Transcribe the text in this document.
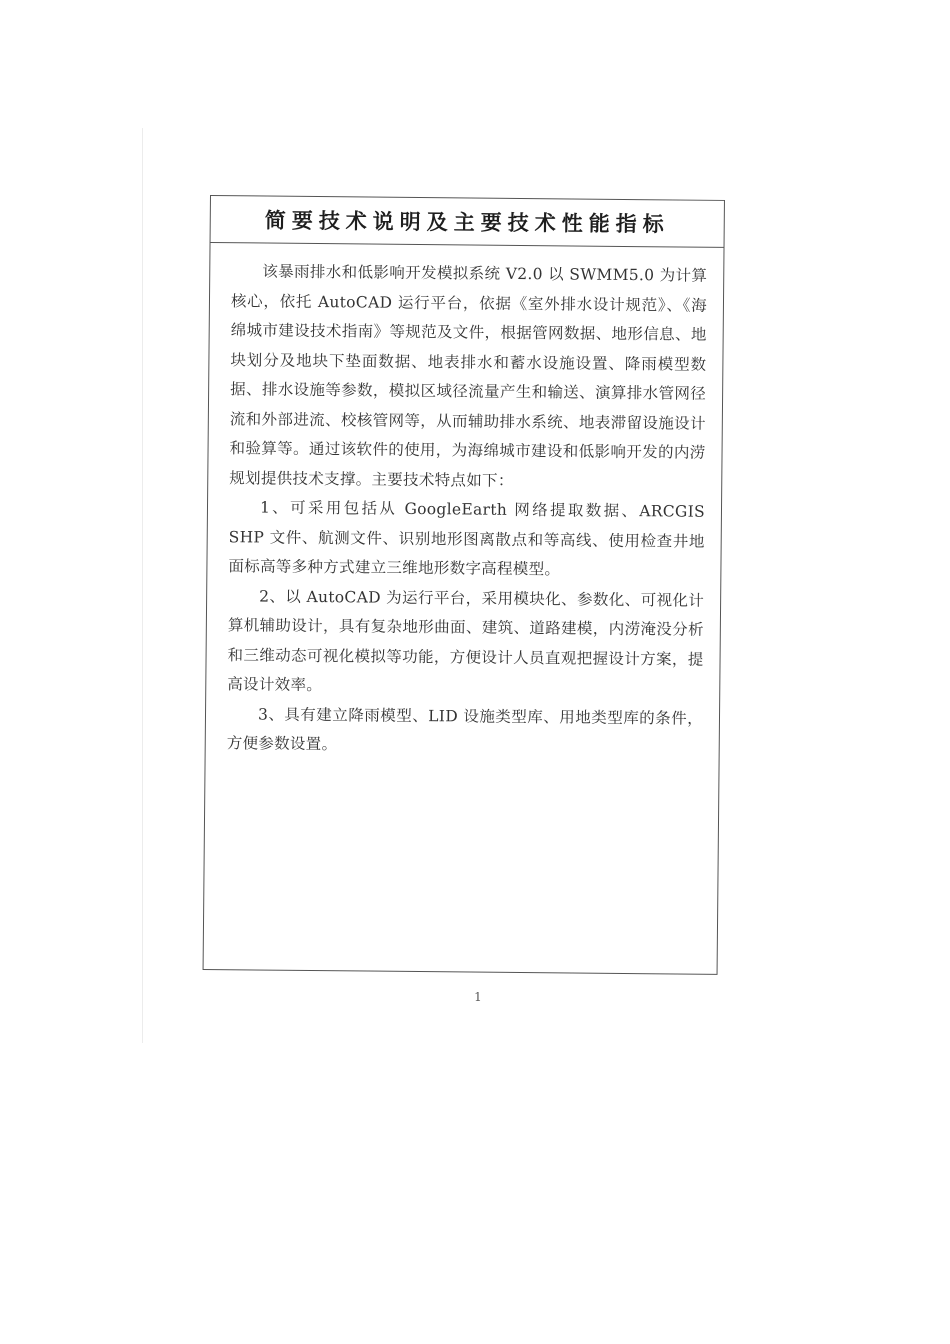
简要技术说明及主要技术性能指标

该暴雨排水和低影响开发模拟系统 V2.0 以 SWMM5.0 为计算核心，依托 AutoCAD 运行平台，依据《室外排水设计规范》、《海绵城市建设技术指南》等规范及文件，根据管网数据、地形信息、地块划分及地块下垫面数据、地表排水和蓄水设施设置、降雨模型数据、排水设施等参数，模拟区域径流量产生和输送、演算排水管网径流和外部进流、校核管网等，从而辅助排水系统、地表滞留设施设计和验算等。通过该软件的使用，为海绵城市建设和低影响开发的内涝规划提供技术支撑。主要技术特点如下：

1、可采用包括从 GoogleEarth 网络提取数据、ARCGIS SHP 文件、航测文件、识别地形图离散点和等高线、使用检查井地面标高等多种方式建立三维地形数字高程模型。

2、以 AutoCAD 为运行平台，采用模块化、参数化、可视化计算机辅助设计，具有复杂地形曲面、建筑、道路建模，内涝淹没分析和三维动态可视化模拟等功能，方便设计人员直观把握设计方案，提高设计效率。

3、具有建立降雨模型、LID 设施类型库、用地类型库的条件，方便参数设置。

1
